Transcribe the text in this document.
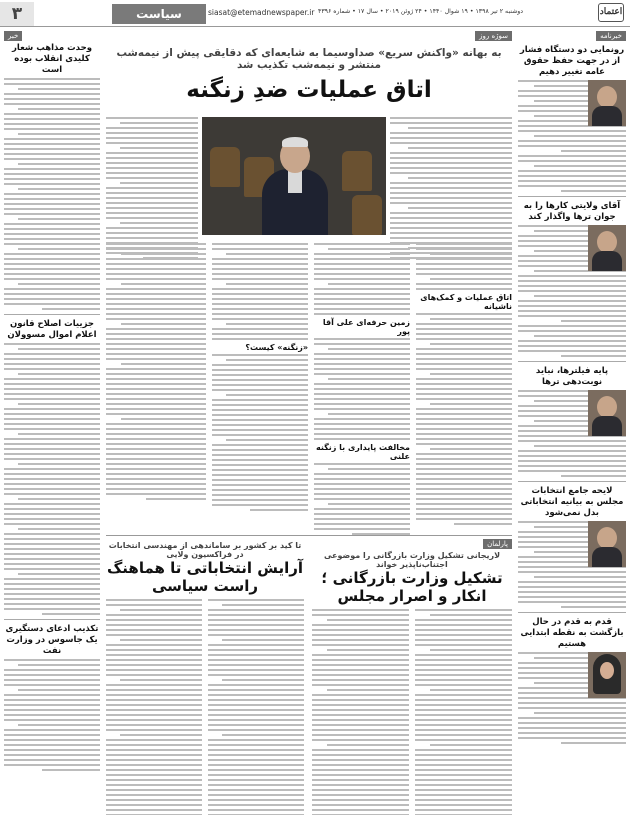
۳	سیاست	siasat@etemadnewspaper.ir دوشنبه ۲ تیر ۱۳۹۸ • ۱۹ شوال ۱۴۴۰ • ۲۴ ژوئن ۲۰۱۹ • سال ۱۷ • شماره ۴۳۹۶	اعتماد
خبرنامه
رونمایی دو دستگاه فشار از در جهت حفظ حقوق عامه تغییر دهیم
آقای ولایتی کارها را به جوان ترها واگذار کند
پایه فیلترها، نباید نوبت‌دهی ترها
لایحه جامع انتخابات مجلس به بیانیه انتخاباتی بدل نمی‌شود
قدم به قدم در حال بازگشت به نقطه ابتدایی هستیم
خبر
وحدت مذاهب شعار کلیدی انقلاب بوده است
جزییات اصلاح قانون اعلام اموال مسوولان
تکذیب ادعای دستگیری یک جاسوس در وزارت نفت
سوژه روز
به بهانه «واکنش سریع» صداوسیما به شایعه‌ای که دقایقی پیش از نیمه‌شب منتشر و نیمه‌شب تکذیب شد
اتاق عملیات ضدِ زنگنه
اتاق عملیات و کمک‌های ناشیانه
زمین حرفه‌ای علی آقا پور
مخالفت پایداری با زنگنه علنی
«زنگنه» کیست؟
تا کید بر کشور بر ساماندهی از مهندسی انتخابات در فراکسیون ولایی
آرایش انتخاباتی تا هماهنگ راست سیاسی
پارلمان
لاریجانی تشکیل وزارت بازرگانی را موضوعی اجتناب‌ناپذیر خواند
تشکیل وزارت بازرگانی ؛ انکار و اصرار مجلس
